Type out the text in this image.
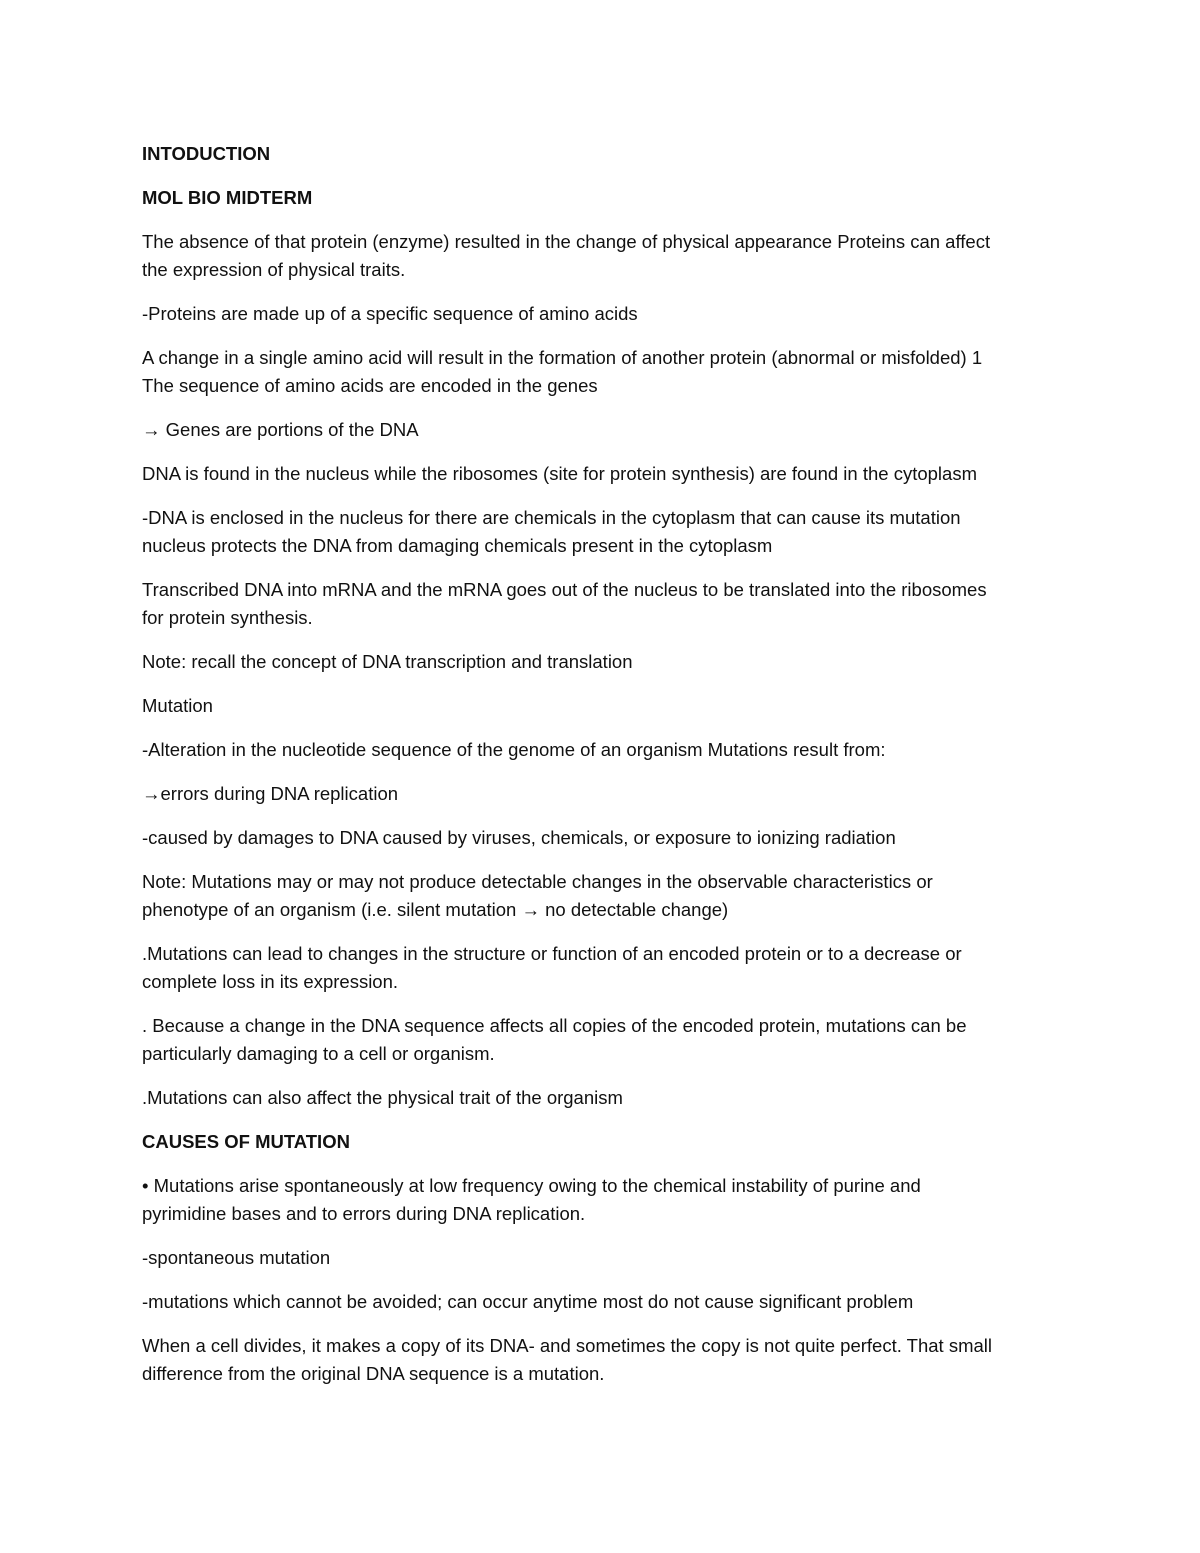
INTODUCTION

MOL BIO MIDTERM

The absence of that protein (enzyme) resulted in the change of physical appearance Proteins can affect
the expression of physical traits.

-Proteins are made up of a specific sequence of amino acids

A change in a single amino acid will result in the formation of another protein (abnormal or misfolded) 1
The sequence of amino acids are encoded in the genes

→ Genes are portions of the DNA

DNA is found in the nucleus while the ribosomes (site for protein synthesis) are found in the cytoplasm

-DNA is enclosed in the nucleus for there are chemicals in the cytoplasm that can cause its mutation
nucleus protects the DNA from damaging chemicals present in the cytoplasm

Transcribed DNA into mRNA and the mRNA goes out of the nucleus to be translated into the ribosomes
for protein synthesis.

Note: recall the concept of DNA transcription and translation

Mutation

-Alteration in the nucleotide sequence of the genome of an organism Mutations result from:

→errors during DNA replication

-caused by damages to DNA caused by viruses, chemicals, or exposure to ionizing radiation

Note: Mutations may or may not produce detectable changes in the observable characteristics or
phenotype of an organism (i.e. silent mutation → no detectable change)

.Mutations can lead to changes in the structure or function of an encoded protein or to a decrease or
complete loss in its expression.

. Because a change in the DNA sequence affects all copies of the encoded protein, mutations can be
particularly damaging to a cell or organism.

.Mutations can also affect the physical trait of the organism

CAUSES OF MUTATION

• Mutations arise spontaneously at low frequency owing to the chemical instability of purine and
pyrimidine bases and to errors during DNA replication.

-spontaneous mutation

-mutations which cannot be avoided; can occur anytime most do not cause significant problem

When a cell divides, it makes a copy of its DNA- and sometimes the copy is not quite perfect. That small
difference from the original DNA sequence is a mutation.
